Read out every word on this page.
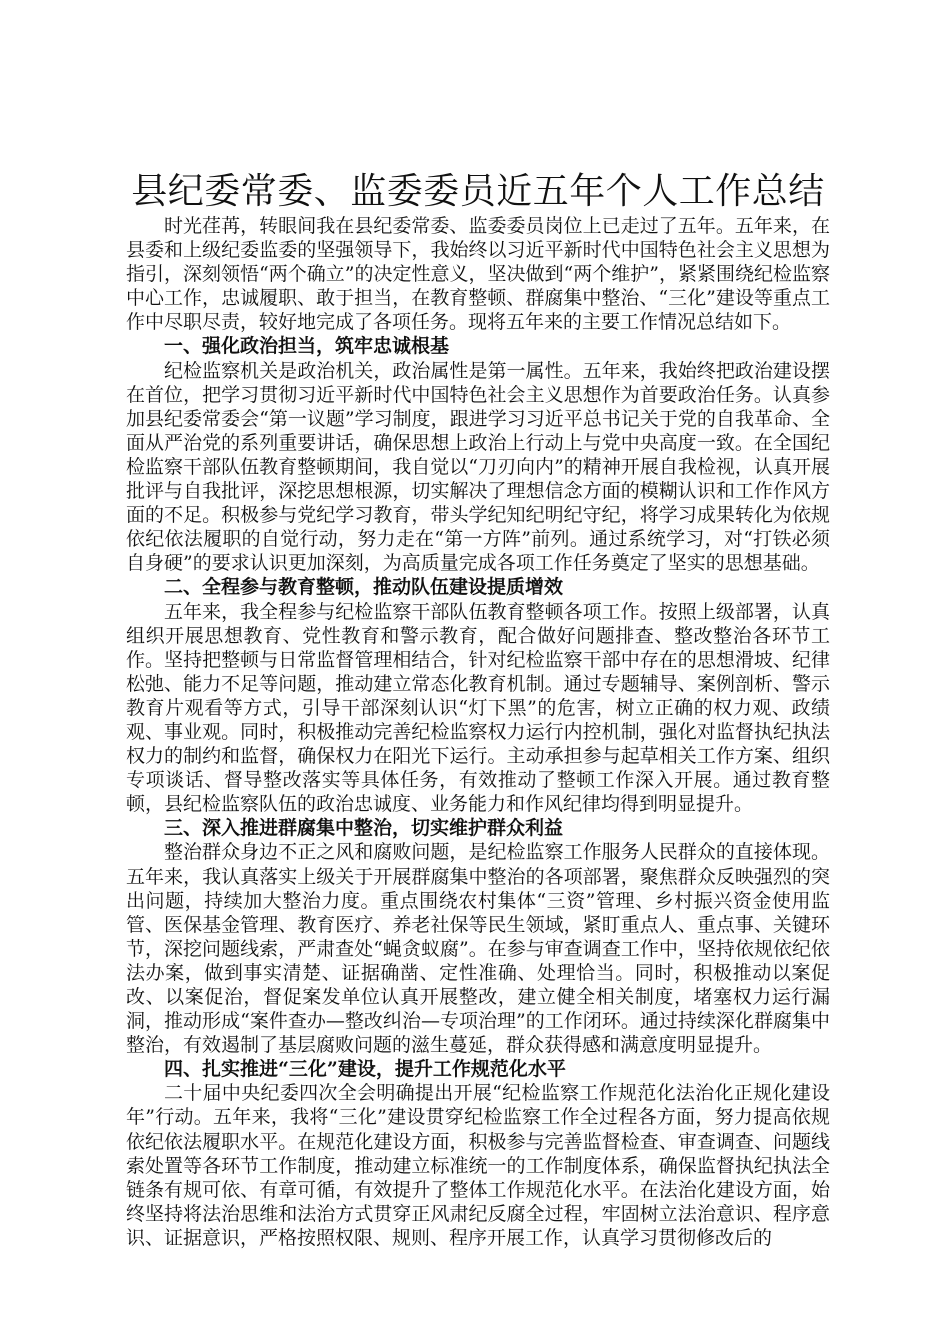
县纪委常委、监委委员近五年个人工作总结

时光荏苒，转眼间我在县纪委常委、监委委员岗位上已走过了五年。五年来，在县委和上级纪委监委的坚强领导下，我始终以习近平新时代中国特色社会主义思想为指引，深刻领悟“两个确立”的决定性意义，坚决做到“两个维护”，紧紧围绕纪检监察中心工作，忠诚履职、敢于担当，在教育整顿、群腐集中整治、“三化”建设等重点工作中尽职尽责，较好地完成了各项任务。现将五年来的主要工作情况总结如下。

一、强化政治担当，筑牢忠诚根基

纪检监察机关是政治机关，政治属性是第一属性。五年来，我始终把政治建设摆在首位，把学习贯彻习近平新时代中国特色社会主义思想作为首要政治任务。认真参加县纪委常委会“第一议题”学习制度，跟进学习习近平总书记关于党的自我革命、全面从严治党的系列重要讲话，确保思想上政治上行动上与党中央高度一致。在全国纪检监察干部队伍教育整顿期间，我自觉以“刀刃向内”的精神开展自我检视，认真开展批评与自我批评，深挖思想根源，切实解决了理想信念方面的模糊认识和工作作风方面的不足。积极参与党纪学习教育，带头学纪知纪明纪守纪，将学习成果转化为依规依纪依法履职的自觉行动，努力走在“第一方阵”前列。通过系统学习，对“打铁必须自身硬”的要求认识更加深刻，为高质量完成各项工作任务奠定了坚实的思想基础。

二、全程参与教育整顿，推动队伍建设提质增效

五年来，我全程参与纪检监察干部队伍教育整顿各项工作。按照上级部署，认真组织开展思想教育、党性教育和警示教育，配合做好问题排查、整改整治各环节工作。坚持把整顿与日常监督管理相结合，针对纪检监察干部中存在的思想滑坡、纪律松弛、能力不足等问题，推动建立常态化教育机制。通过专题辅导、案例剖析、警示教育片观看等方式，引导干部深刻认识“灯下黑”的危害，树立正确的权力观、政绩观、事业观。同时，积极推动完善纪检监察权力运行内控机制，强化对监督执纪执法权力的制约和监督，确保权力在阳光下运行。主动承担参与起草相关工作方案、组织专项谈话、督导整改落实等具体任务，有效推动了整顿工作深入开展。通过教育整顿，县纪检监察队伍的政治忠诚度、业务能力和作风纪律均得到明显提升。

三、深入推进群腐集中整治，切实维护群众利益

整治群众身边不正之风和腐败问题，是纪检监察工作服务人民群众的直接体现。五年来，我认真落实上级关于开展群腐集中整治的各项部署，聚焦群众反映强烈的突出问题，持续加大整治力度。重点围绕农村集体“三资”管理、乡村振兴资金使用监管、医保基金管理、教育医疗、养老社保等民生领域，紧盯重点人、重点事、关键环节，深挖问题线索，严肃查处“蝇贪蚁腐”。在参与审查调查工作中，坚持依规依纪依法办案，做到事实清楚、证据确凿、定性准确、处理恰当。同时，积极推动以案促改、以案促治，督促案发单位认真开展整改，建立健全相关制度，堵塞权力运行漏洞，推动形成“案件查办—整改纠治—专项治理”的工作闭环。通过持续深化群腐集中整治，有效遏制了基层腐败问题的滋生蔓延，群众获得感和满意度明显提升。

四、扎实推进“三化”建设，提升工作规范化水平

二十届中央纪委四次全会明确提出开展“纪检监察工作规范化法治化正规化建设年”行动。五年来，我将“三化”建设贯穿纪检监察工作全过程各方面，努力提高依规依纪依法履职水平。在规范化建设方面，积极参与完善监督检查、审查调查、问题线索处置等各环节工作制度，推动建立标准统一的工作制度体系，确保监督执纪执法全链条有规可依、有章可循，有效提升了整体工作规范化水平。在法治化建设方面，始终坚持将法治思维和法治方式贯穿正风肃纪反腐全过程，牢固树立法治意识、程序意识、证据意识，严格按照权限、规则、程序开展工作，认真学习贯彻修改后的
